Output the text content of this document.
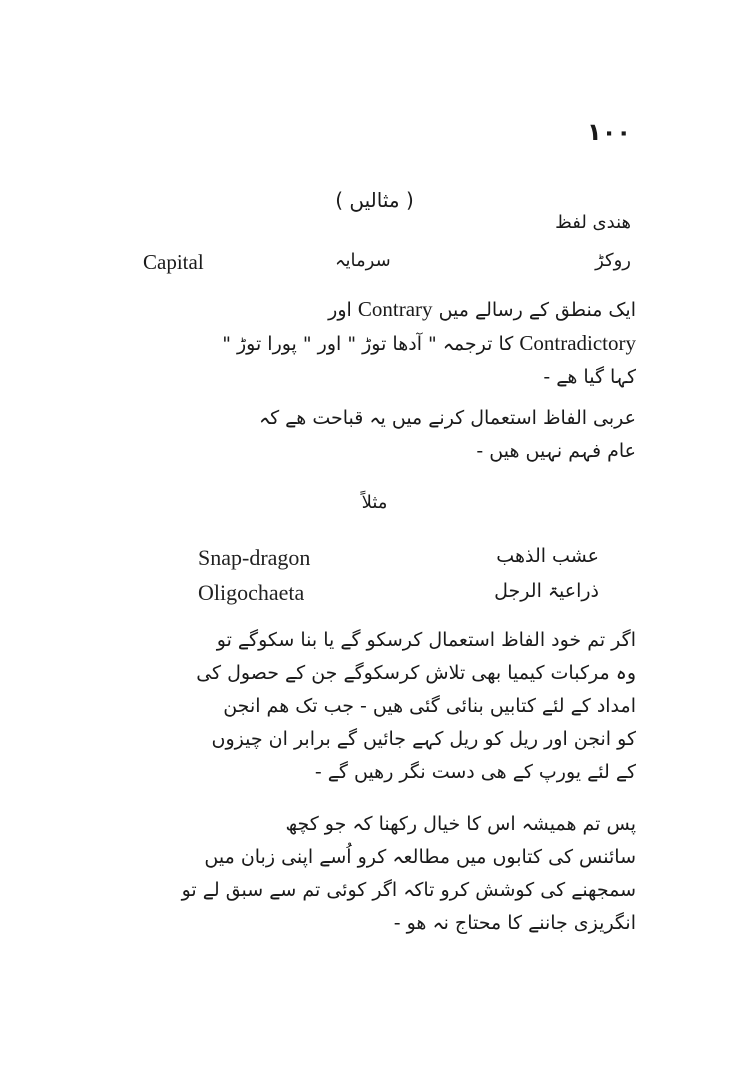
۱۰۰
( مثالیں )
ھندی لفظ
روکڑ
سرمایہ
Capital
ایک منطق کے رسالے میں Contrary اور
Contradictory کا ترجمہ " آدھا توڑ " اور " پورا توڑ "
کہا گیا ھے -
عربی الفاظ استعمال کرنے میں یہ قباحت ھے کہ
عام فہم نہیں ھیں -
مثلاً
عشب الذھب
Snap-dragon
ذراعیۃ الرجل
Oligochaeta
اگر تم خود الفاظ استعمال کرسکو گے یا بنا سکوگے تو
وہ مرکبات کیمیا بھی تلاش کرسکوگے جن کے حصول کی
امداد کے لئے کتابیں بنائی گئی ھیں - جب تک ھم انجن
کو انجن اور ریل کو ریل کہے جائیں گے برابر ان چیزوں
کے لئے یورپ کے ھی دست نگر رھیں گے -
پس تم ھمیشہ اس کا خیال رکھنا کہ جو کچھ
سائنس کی کتابوں میں مطالعہ کرو اُسے اپنی زبان میں
سمجھنے کی کوشش کرو تاکہ اگر کوئی تم سے سبق لے تو
انگریزی جاننے کا محتاج نہ ھو -
